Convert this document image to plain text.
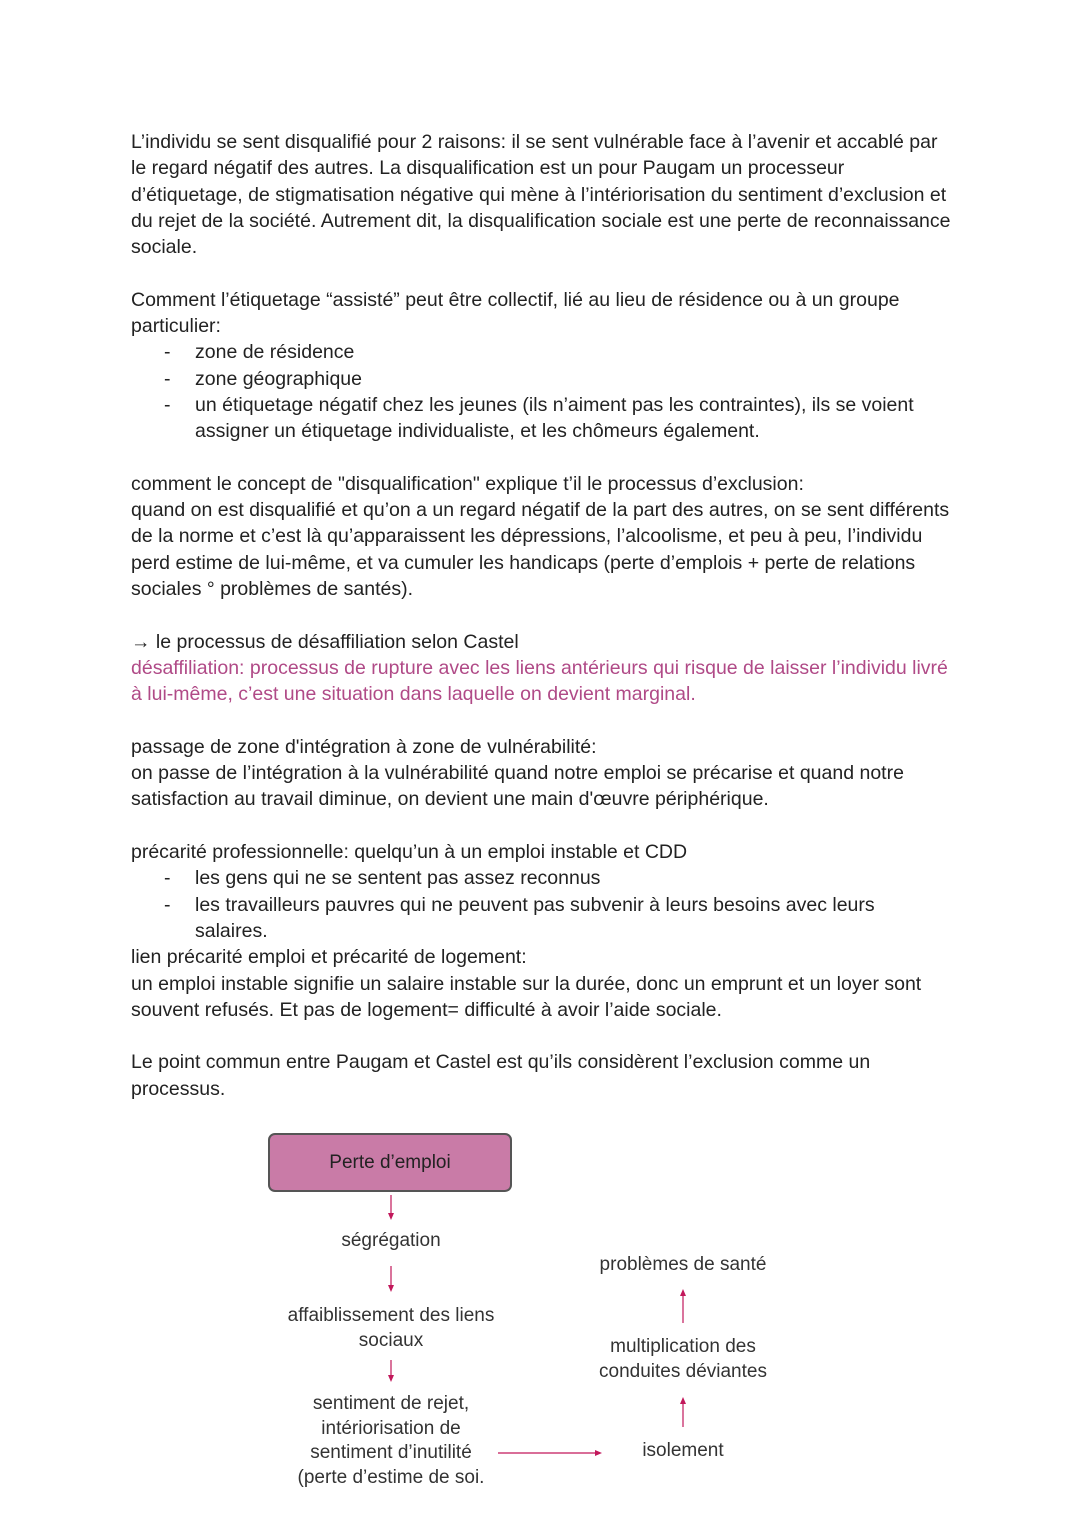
L’individu se sent disqualifié pour 2 raisons: il se sent vulnérable face à l’avenir et accablé par le regard négatif des autres. La disqualification est un pour Paugam un processeur d’étiquetage, de stigmatisation négative qui mène à l’intériorisation du sentiment d’exclusion et du rejet de la société. Autrement dit, la disqualification sociale est une perte de reconnaissance sociale.

Comment l’étiquetage “assisté” peut être collectif, lié au lieu de résidence ou à un groupe particulier:

- zone de résidence
- zone géographique
- un étiquetage négatif chez les jeunes (ils n’aiment pas les contraintes), ils se voient assigner un étiquetage individualiste, et les chômeurs également.

comment le concept de "disqualification" explique t’il le processus d’exclusion:

quand on est disqualifié et qu’on a un regard négatif de la part des autres, on se sent différents de la norme et c’est là qu’apparaissent les dépressions, l’alcoolisme, et peu à peu, l’individu perd estime de lui-même, et va cumuler les handicaps (perte d’emplois + perte de relations sociales ° problèmes de santés).

→ le processus de désaffiliation selon Castel

désaffiliation: processus de rupture avec les liens antérieurs qui risque de laisser l’individu livré à lui-même, c’est une situation dans laquelle on devient marginal.

passage de zone d'intégration à zone de vulnérabilité:

on passe de l’intégration à la vulnérabilité quand notre emploi se précarise et quand notre satisfaction au travail diminue, on devient une main d'œuvre périphérique.

précarité professionnelle: quelqu’un à un emploi instable et CDD

- les gens qui ne se sentent pas assez reconnus
- les travailleurs pauvres qui ne peuvent pas subvenir à leurs besoins avec leurs salaires.

lien précarité emploi et précarité de logement:

un emploi instable signifie un salaire instable sur la durée, donc un emprunt et un loyer sont souvent refusés. Et pas de logement= difficulté à avoir l’aide sociale.

Le point commun entre Paugam et Castel est qu’ils considèrent l’exclusion comme un processus.

Perte d’emploi
ségrégation
affaiblissement des liens
sociaux
sentiment de rejet,
intériorisation de
sentiment d’inutilité
(perte d’estime de soi.
isolement
multiplication des
conduites déviantes
problèmes de santé
